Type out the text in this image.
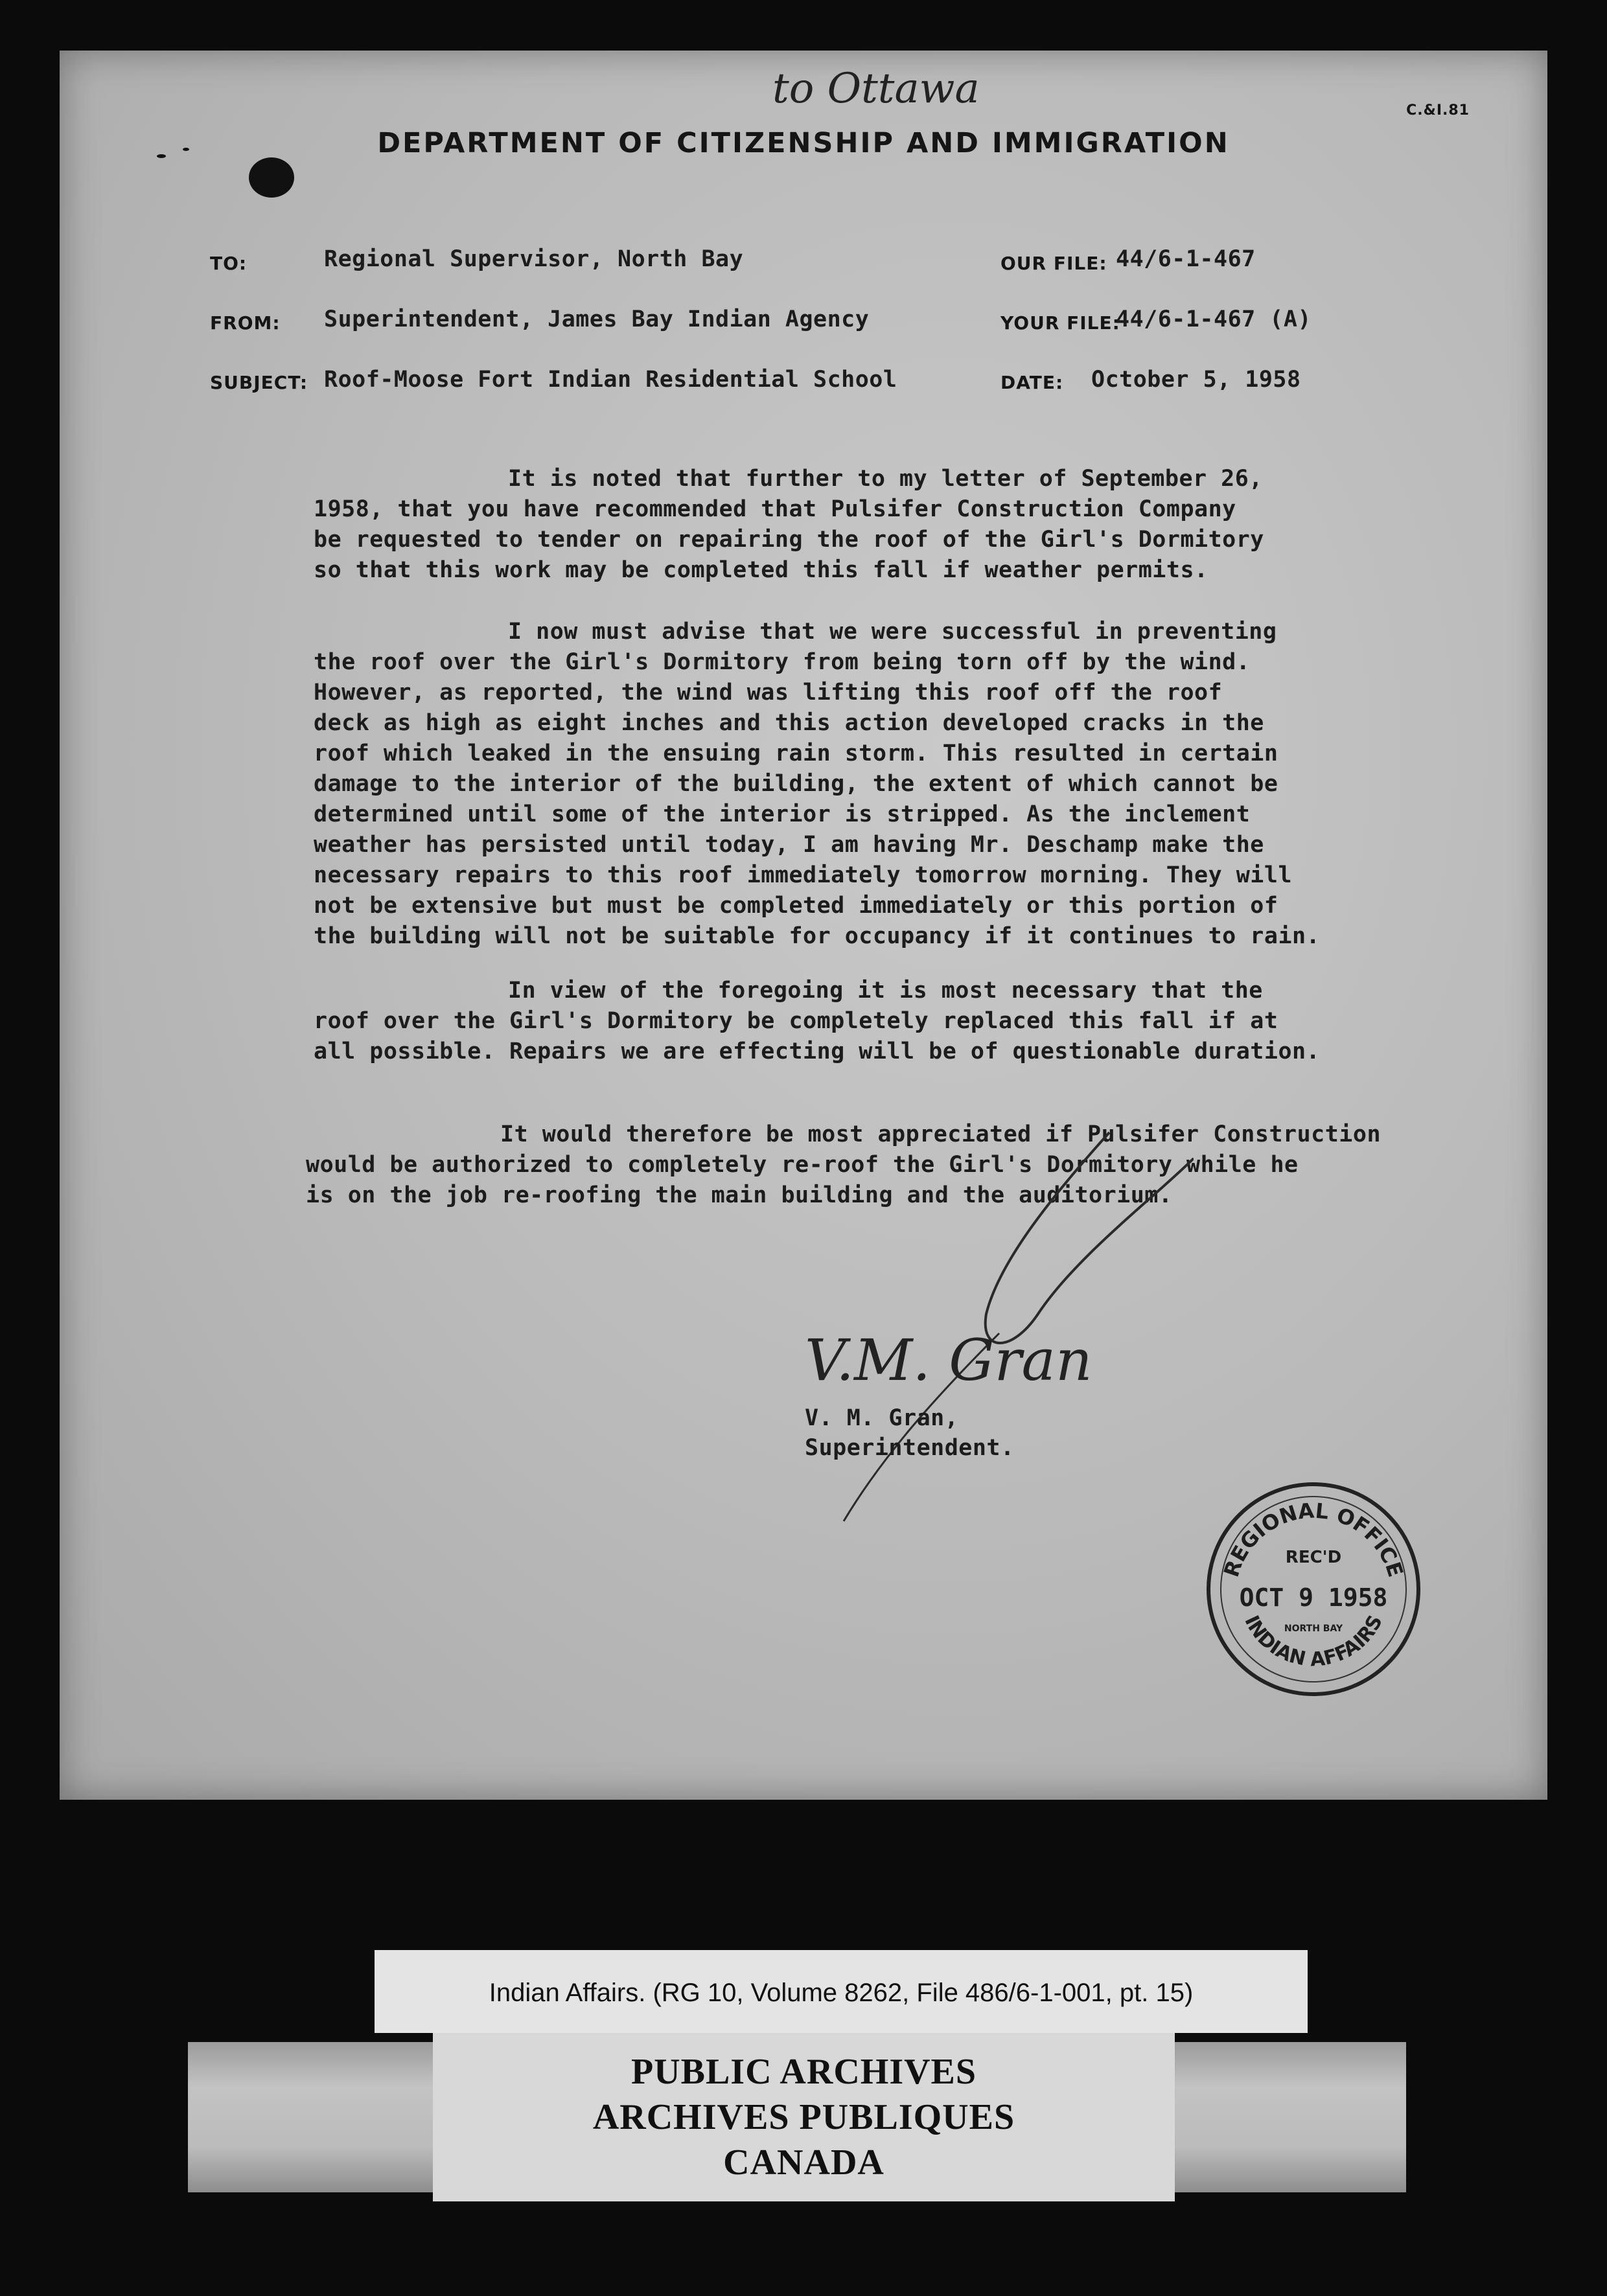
to Ottawa	C.&I.81
DEPARTMENT OF CITIZENSHIP AND IMMIGRATION
TO:	Regional Supervisor, North Bay
FROM: Superintendent, James Bay Indian Agency
SUBJECT: Roof-Moose Fort Indian Residential School
OUR FILE: 44/6-1-467
YOUR FILE:
44/6-1-467 (A)
DATE: October 5, 1958

It is noted that further to my letter of September 26,
1958, that you have recommended that Pulsifer Construction Company
be requested to tender on repairing the roof of the Girl's Dormitory
so that this work may be completed this fall if weather permits.

I now must advise that we were successful in preventing
the roof over the Girl's Dormitory from being torn off by the wind.
However, as reported, the wind was lifting this roof off the roof
deck as high as eight inches and this action developed cracks in the
roof which leaked in the ensuing rain storm. This resulted in certain
damage to the interior of the building, the extent of which cannot be
determined until some of the interior is stripped. As the inclement
weather has persisted until today, I am having Mr. Deschamp make the
necessary repairs to this roof immediately tomorrow morning. They will
not be extensive but must be completed immediately or this portion of
the building will not be suitable for occupancy if it continues to rain.

In view of the foregoing it is most necessary that the
roof over the Girl's Dormitory be completely replaced this fall if at
all possible. Repairs we are effecting will be of questionable duration.

It would therefore be most appreciated if Pulsifer Construction
would be authorized to completely re-roof the Girl's Dormitory while he
is on the job re-roofing the main building and the auditorium.

V.M. Gran
V. M. Gran,
Superintendent.
REGIONAL OFFICE
INDIAN AFFAIRS
REC'D
OCT 9 1958
NORTH BAY
Indian Affairs. (RG 10, Volume 8262, File 486/6-1-001, pt. 15)
PUBLIC ARCHIVES
ARCHIVES PUBLIQUES
CANADA
